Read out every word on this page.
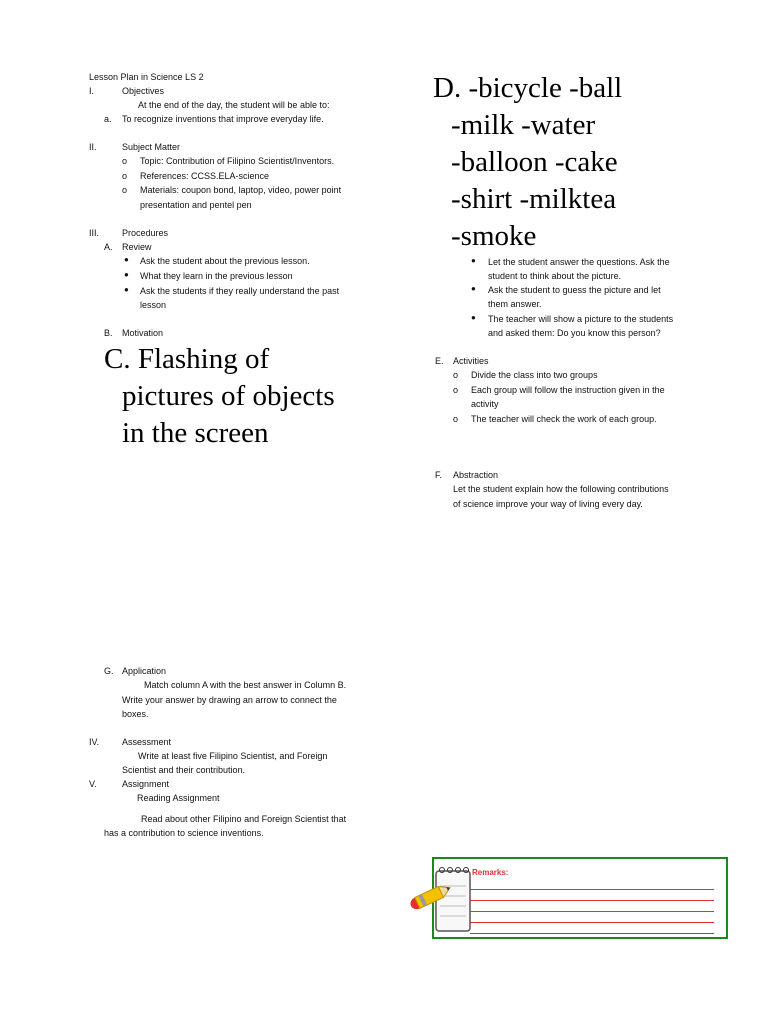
Lesson Plan in Science LS 2
I.	Objectives
At the end of the day, the student will be able to:
a. To recognize inventions that improve everyday life.
II.	Subject Matter
o Topic: Contribution of Filipino Scientist/Inventors.
o References: CCSS.ELA-science
o Materials: coupon bond, laptop, video, power point
presentation and pentel pen
III.	Procedures
A. Review
● Ask the student about the previous lesson.
● What they learn in the previous lesson
● Ask the students if they really understand the past
lesson
B. Motivation
C. Flashing of
pictures of objects
in the screen
G. Application
Match column A with the best answer in Column B.
Write your answer by drawing an arrow to connect the
boxes.
IV.	Assessment
Write at least five Filipino Scientist, and Foreign
Scientist and their contribution.
V.	Assignment
Reading Assignment
Read about other Filipino and Foreign Scientist that
has a contribution to science inventions.
D. -bicycle -ball
-milk -water
-balloon -cake
-shirt -milktea
-smoke
● Let the student answer the questions. Ask the
student to think about the picture.
● Ask the student to guess the picture and let
them answer.
● The teacher will show a picture to the students
and asked them: Do you know this person?
E. Activities
o Divide the class into two groups
o Each group will follow the instruction given in the
activity
o The teacher will check the work of each group.
F. Abstraction
Let the student explain how the following contributions
of science improve your way of living every day.
Remarks:
